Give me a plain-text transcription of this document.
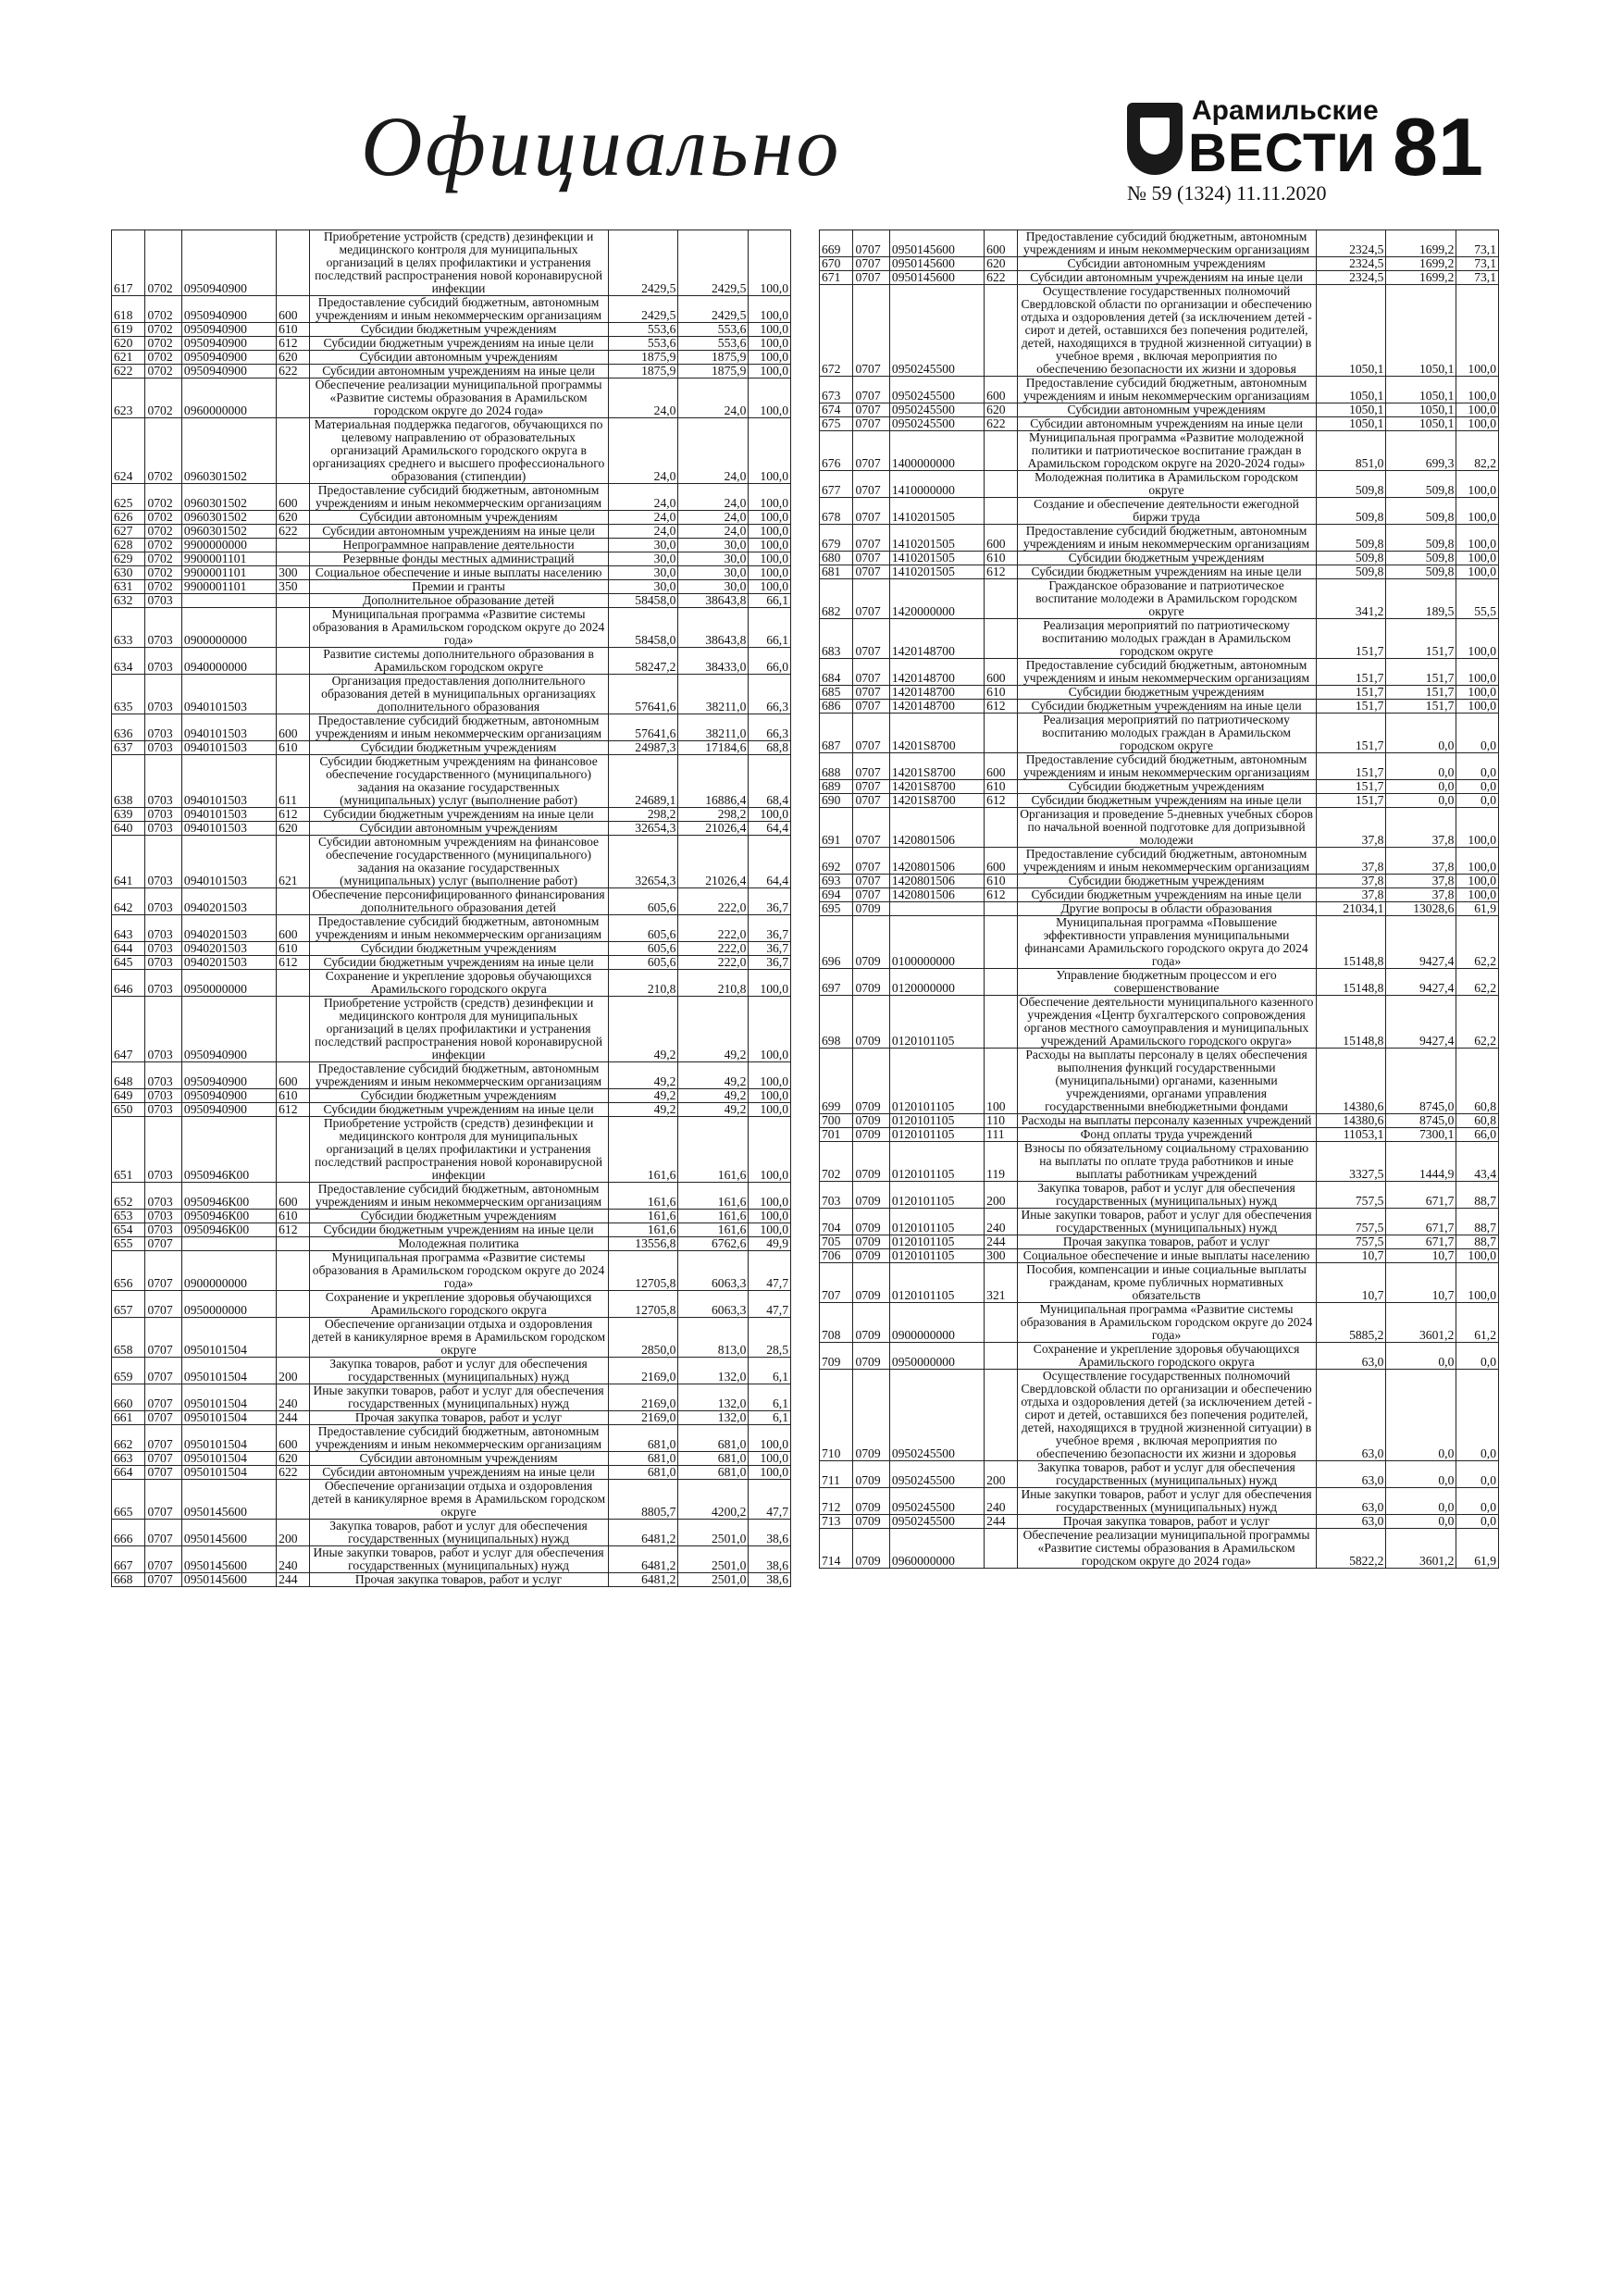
Официально	Арамильские
ВЕСТИ 81
№ 59 (1324) 11.11.2020
617	0702	0950940900		Приобретение устройств (средств) дезинфекции и медицинского контроля для муниципальных организаций в целях профилактики и устранения последствий распространения новой коронавирусной инфекции	2429,5	2429,5	100,0
618	0702	0950940900	600	Предоставление субсидий бюджетным, автономным учреждениям и иным некоммерческим организациям	2429,5	2429,5	100,0
619	0702	0950940900	610	Субсидии бюджетным учреждениям	553,6	553,6	100,0
620	0702	0950940900	612	Субсидии бюджетным учреждениям на иные цели	553,6	553,6	100,0
621	0702	0950940900	620	Субсидии автономным учреждениям	1875,9	1875,9	100,0
622	0702	0950940900	622	Субсидии автономным учреждениям на иные цели	1875,9	1875,9	100,0
623	0702	0960000000		Обеспечение реализации муниципальной программы «Развитие системы образования в Арамильском городском округе до 2024 года»	24,0	24,0	100,0
624	0702	0960301502		Материальная поддержка педагогов, обучающихся по целевому направлению от образовательных организаций Арамильского городского округа в организациях среднего и высшего профессионального образования (стипендии)	24,0	24,0	100,0
625	0702	0960301502	600	Предоставление субсидий бюджетным, автономным учреждениям и иным некоммерческим организациям	24,0	24,0	100,0
626	0702	0960301502	620	Субсидии автономным учреждениям	24,0	24,0	100,0
627	0702	0960301502	622	Субсидии автономным учреждениям на иные цели	24,0	24,0	100,0
628	0702	9900000000		Непрограммное направление деятельности	30,0	30,0	100,0
629	0702	9900001101		Резервные фонды местных администраций	30,0	30,0	100,0
630	0702	9900001101	300	Социальное обеспечение и иные выплаты населению	30,0	30,0	100,0
631	0702	9900001101	350	Премии и гранты	30,0	30,0	100,0
632	0703			Дополнительное образование детей	58458,0	38643,8	66,1
633	0703	0900000000		Муниципальная программа «Развитие системы образования в Арамильском городском округе до 2024 года»	58458,0	38643,8	66,1
634	0703	0940000000		Развитие системы дополнительного образования в Арамильском городском округе	58247,2	38433,0	66,0
635	0703	0940101503		Организация предоставления дополнительного образования детей в муниципальных организациях дополнительного образования	57641,6	38211,0	66,3
636	0703	0940101503	600	Предоставление субсидий бюджетным, автономным учреждениям и иным некоммерческим организациям	57641,6	38211,0	66,3
637	0703	0940101503	610	Субсидии бюджетным учреждениям	24987,3	17184,6	68,8
638	0703	0940101503	611	Субсидии бюджетным учреждениям на финансовое обеспечение государственного (муниципального) задания на оказание государственных (муниципальных) услуг (выполнение работ)	24689,1	16886,4	68,4
639	0703	0940101503	612	Субсидии бюджетным учреждениям на иные цели	298,2	298,2	100,0
640	0703	0940101503	620	Субсидии автономным учреждениям	32654,3	21026,4	64,4
641	0703	0940101503	621	Субсидии автономным учреждениям на финансовое обеспечение государственного (муниципального) задания на оказание государственных (муниципальных) услуг (выполнение работ)	32654,3	21026,4	64,4
642	0703	0940201503		Обеспечение персонифицированного финансирования дополнительного образования детей	605,6	222,0	36,7
643	0703	0940201503	600	Предоставление субсидий бюджетным, автономным учреждениям и иным некоммерческим организациям	605,6	222,0	36,7
644	0703	0940201503	610	Субсидии бюджетным учреждениям	605,6	222,0	36,7
645	0703	0940201503	612	Субсидии бюджетным учреждениям на иные цели	605,6	222,0	36,7
646	0703	0950000000		Сохранение и укрепление здоровья обучающихся Арамильского городского округа	210,8	210,8	100,0
647	0703	0950940900		Приобретение устройств (средств) дезинфекции и медицинского контроля для муниципальных организаций в целях профилактики и устранения последствий распространения новой коронавирусной инфекции	49,2	49,2	100,0
648	0703	0950940900	600	Предоставление субсидий бюджетным, автономным учреждениям и иным некоммерческим организациям	49,2	49,2	100,0
649	0703	0950940900	610	Субсидии бюджетным учреждениям	49,2	49,2	100,0
650	0703	0950940900	612	Субсидии бюджетным учреждениям на иные цели	49,2	49,2	100,0
651	0703	0950946К00		Приобретение устройств (средств) дезинфекции и медицинского контроля для муниципальных организаций в целях профилактики и устранения последствий распространения новой коронавирусной инфекции	161,6	161,6	100,0
652	0703	0950946К00	600	Предоставление субсидий бюджетным, автономным учреждениям и иным некоммерческим организациям	161,6	161,6	100,0
653	0703	0950946К00	610	Субсидии бюджетным учреждениям	161,6	161,6	100,0
654	0703	0950946К00	612	Субсидии бюджетным учреждениям на иные цели	161,6	161,6	100,0
655	0707			Молодежная политика	13556,8	6762,6	49,9
656	0707	0900000000		Муниципальная программа «Развитие системы образования в Арамильском городском округе до 2024 года»	12705,8	6063,3	47,7
657	0707	0950000000		Сохранение и укрепление здоровья обучающихся Арамильского городского округа	12705,8	6063,3	47,7
658	0707	0950101504		Обеспечение организации отдыха и оздоровления детей в каникулярное время в Арамильском городском округе	2850,0	813,0	28,5
659	0707	0950101504	200	Закупка товаров, работ и услуг для обеспечения государственных (муниципальных) нужд	2169,0	132,0	6,1
660	0707	0950101504	240	Иные закупки товаров, работ и услуг для обеспечения государственных (муниципальных) нужд	2169,0	132,0	6,1
661	0707	0950101504	244	Прочая закупка товаров, работ и услуг	2169,0	132,0	6,1
662	0707	0950101504	600	Предоставление субсидий бюджетным, автономным учреждениям и иным некоммерческим организациям	681,0	681,0	100,0
663	0707	0950101504	620	Субсидии автономным учреждениям	681,0	681,0	100,0
664	0707	0950101504	622	Субсидии автономным учреждениям на иные цели	681,0	681,0	100,0
665	0707	0950145600		Обеспечение организации отдыха и оздоровления детей в каникулярное время в Арамильском городском округе	8805,7	4200,2	47,7
666	0707	0950145600	200	Закупка товаров, работ и услуг для обеспечения государственных (муниципальных) нужд	6481,2	2501,0	38,6
667	0707	0950145600	240	Иные закупки товаров, работ и услуг для обеспечения государственных (муниципальных) нужд	6481,2	2501,0	38,6
668	0707	0950145600	244	Прочая закупка товаров, работ и услуг	6481,2	2501,0	38,6
669	0707	0950145600	600	Предоставление субсидий бюджетным, автономным учреждениям и иным некоммерческим организациям	2324,5	1699,2	73,1
670	0707	0950145600	620	Субсидии автономным учреждениям	2324,5	1699,2	73,1
671	0707	0950145600	622	Субсидии автономным учреждениям на иные цели	2324,5	1699,2	73,1
672	0707	0950245500		Осуществление государственных полномочий Свердловской области по организации и обеспечению отдыха и оздоровления детей (за исключением детей - сирот и детей, оставшихся без попечения родителей, детей, находящихся в трудной жизненной ситуации) в учебное время , включая мероприятия по обеспечению безопасности их жизни и здоровья	1050,1	1050,1	100,0
673	0707	0950245500	600	Предоставление субсидий бюджетным, автономным учреждениям и иным некоммерческим организациям	1050,1	1050,1	100,0
674	0707	0950245500	620	Субсидии автономным учреждениям	1050,1	1050,1	100,0
675	0707	0950245500	622	Субсидии автономным учреждениям на иные цели	1050,1	1050,1	100,0
676	0707	1400000000		Муниципальная программа «Развитие молодежной политики и патриотическое воспитание граждан в Арамильском городском округе на 2020-2024 годы»	851,0	699,3	82,2
677	0707	1410000000		Молодежная политика в Арамильском городском округе	509,8	509,8	100,0
678	0707	1410201505		Создание и обеспечение деятельности ежегодной биржи труда	509,8	509,8	100,0
679	0707	1410201505	600	Предоставление субсидий бюджетным, автономным учреждениям и иным некоммерческим организациям	509,8	509,8	100,0
680	0707	1410201505	610	Субсидии бюджетным учреждениям	509,8	509,8	100,0
681	0707	1410201505	612	Субсидии бюджетным учреждениям на иные цели	509,8	509,8	100,0
682	0707	1420000000		Гражданское образование и патриотическое воспитание молодежи в Арамильском городском округе	341,2	189,5	55,5
683	0707	1420148700		Реализация мероприятий по патриотическому воспитанию молодых граждан в Арамильском городском округе	151,7	151,7	100,0
684	0707	1420148700	600	Предоставление субсидий бюджетным, автономным учреждениям и иным некоммерческим организациям	151,7	151,7	100,0
685	0707	1420148700	610	Субсидии бюджетным учреждениям	151,7	151,7	100,0
686	0707	1420148700	612	Субсидии бюджетным учреждениям на иные цели	151,7	151,7	100,0
687	0707	14201S8700		Реализация мероприятий по патриотическому воспитанию молодых граждан в Арамильском городском округе	151,7	0,0	0,0
688	0707	14201S8700	600	Предоставление субсидий бюджетным, автономным учреждениям и иным некоммерческим организациям	151,7	0,0	0,0
689	0707	14201S8700	610	Субсидии бюджетным учреждениям	151,7	0,0	0,0
690	0707	14201S8700	612	Субсидии бюджетным учреждениям на иные цели	151,7	0,0	0,0
691	0707	1420801506		Организация и проведение 5-дневных учебных сборов по начальной военной подготовке для допризывной молодежи	37,8	37,8	100,0
692	0707	1420801506	600	Предоставление субсидий бюджетным, автономным учреждениям и иным некоммерческим организациям	37,8	37,8	100,0
693	0707	1420801506	610	Субсидии бюджетным учреждениям	37,8	37,8	100,0
694	0707	1420801506	612	Субсидии бюджетным учреждениям на иные цели	37,8	37,8	100,0
695	0709			Другие вопросы в области образования	21034,1	13028,6	61,9
696	0709	0100000000		Муниципальная программа «Повышение эффективности управления муниципальными финансами Арамильского городского округа до 2024 года»	15148,8	9427,4	62,2
697	0709	0120000000		Управление бюджетным процессом и его совершенствование	15148,8	9427,4	62,2
698	0709	0120101105		Обеспечение деятельности муниципального казенного учреждения «Центр бухгалтерского сопровождения органов местного самоуправления и муниципальных учреждений Арамильского городского округа»	15148,8	9427,4	62,2
699	0709	0120101105	100	Расходы на выплаты персоналу в целях обеспечения выполнения функций государственными (муниципальными) органами, казенными учреждениями, органами управления государственными внебюджетными фондами	14380,6	8745,0	60,8
700	0709	0120101105	110	Расходы на выплаты персоналу казенных учреждений	14380,6	8745,0	60,8
701	0709	0120101105	111	Фонд оплаты труда учреждений	11053,1	7300,1	66,0
702	0709	0120101105	119	Взносы по обязательному социальному страхованию на выплаты по оплате труда работников и иные выплаты работникам учреждений	3327,5	1444,9	43,4
703	0709	0120101105	200	Закупка товаров, работ и услуг для обеспечения государственных (муниципальных) нужд	757,5	671,7	88,7
704	0709	0120101105	240	Иные закупки товаров, работ и услуг для обеспечения государственных (муниципальных) нужд	757,5	671,7	88,7
705	0709	0120101105	244	Прочая закупка товаров, работ и услуг	757,5	671,7	88,7
706	0709	0120101105	300	Социальное обеспечение и иные выплаты населению	10,7	10,7	100,0
707	0709	0120101105	321	Пособия, компенсации и иные социальные выплаты гражданам, кроме публичных нормативных обязательств	10,7	10,7	100,0
708	0709	0900000000		Муниципальная программа «Развитие системы образования в Арамильском городском округе до 2024 года»	5885,2	3601,2	61,2
709	0709	0950000000		Сохранение и укрепление здоровья обучающихся Арамильского городского округа	63,0	0,0	0,0
710	0709	0950245500		Осуществление государственных полномочий Свердловской области по организации и обеспечению отдыха и оздоровления детей (за исключением детей - сирот и детей, оставшихся без попечения родителей, детей, находящихся в трудной жизненной ситуации) в учебное время , включая мероприятия по обеспечению безопасности их жизни и здоровья	63,0	0,0	0,0
711	0709	0950245500	200	Закупка товаров, работ и услуг для обеспечения государственных (муниципальных) нужд	63,0	0,0	0,0
712	0709	0950245500	240	Иные закупки товаров, работ и услуг для обеспечения государственных (муниципальных) нужд	63,0	0,0	0,0
713	0709	0950245500	244	Прочая закупка товаров, работ и услуг	63,0	0,0	0,0
714	0709	0960000000		Обеспечение реализации муниципальной программы «Развитие системы образования в Арамильском городском округе до 2024 года»	5822,2	3601,2	61,9
